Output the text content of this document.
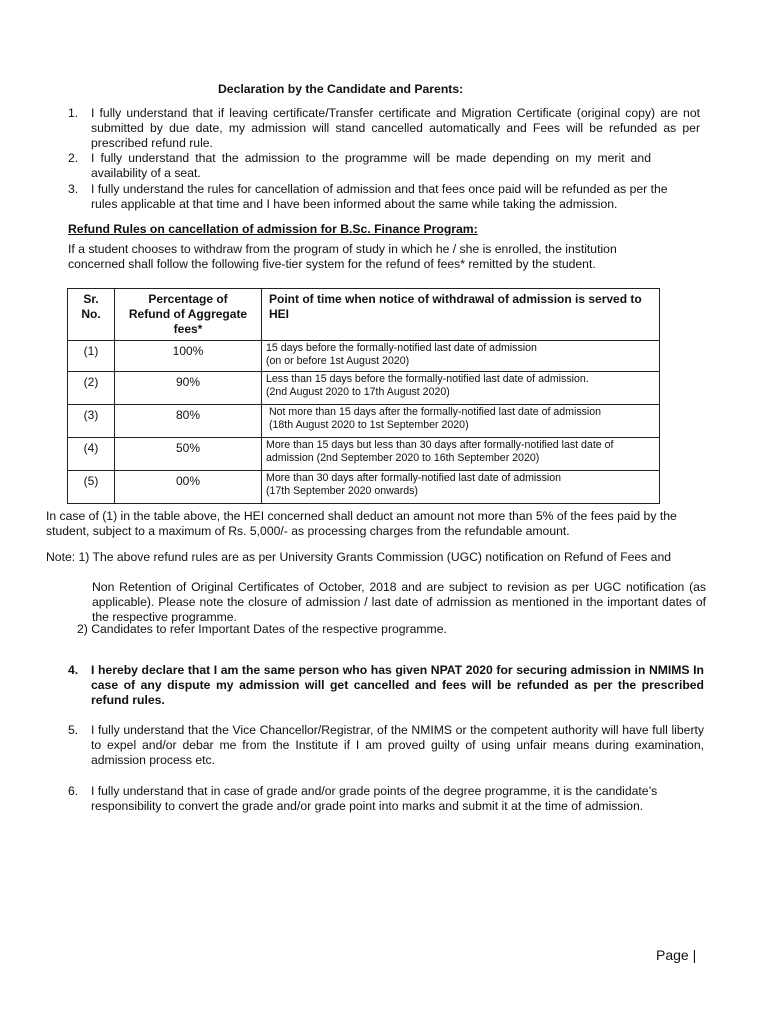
Declaration by the Candidate and Parents:
1. I fully understand that if leaving certificate/Transfer certificate and Migration Certificate (original copy) are not submitted by due date, my admission will stand cancelled automatically and Fees will be refunded as per prescribed refund rule.
2. I fully understand that the admission to the programme will be made depending on my merit and availability of a seat.
3. I fully understand the rules for cancellation of admission and that fees once paid will be refunded as per the rules applicable at that time and I have been informed about the same while taking the admission.
Refund Rules on cancellation of admission for B.Sc. Finance Program:
If a student chooses to withdraw from the program of study in which he / she is enrolled, the institution concerned shall follow the following five-tier system for the refund of fees* remitted by the student.
Sr. No.	Percentage of Refund of Aggregate fees*	Point of time when notice of withdrawal of admission is served to HEI
(1)	100%	15 days before the formally-notified last date of admission
(on or before 1st August 2020)

(2)	90%	Less than 15 days before the formally-notified last date of admission.
(2nd August 2020 to 17th August 2020)

(3)	80%	Not more than 15 days after the formally-notified last date of admission
(18th August 2020 to 1st September 2020)

(4)	50%	More than 15 days but less than 30 days after formally-notified last date of
admission (2nd September 2020 to 16th September 2020)

(5)	00%	More than 30 days after formally-notified last date of admission
(17th September 2020 onwards)
In case of (1) in the table above, the HEI concerned shall deduct an amount not more than 5% of the fees paid by the student, subject to a maximum of Rs. 5,000/- as processing charges from the refundable amount.
Note: 1) The above refund rules are as per University Grants Commission (UGC) notification on Refund of Fees and
Non Retention of Original Certificates of October, 2018 and are subject to revision as per UGC notification (as applicable). Please note the closure of admission / last date of admission as mentioned in the important dates of the respective programme.
2) Candidates to refer Important Dates of the respective programme.
4. I hereby declare that I am the same person who has given NPAT 2020 for securing admission in NMIMS In case of any dispute my admission will get cancelled and fees will be refunded as per the prescribed refund rules.
5. I fully understand that the Vice Chancellor/Registrar, of the NMIMS or the competent authority will have full liberty to expel and/or debar me from the Institute if I am proved guilty of using unfair means during examination, admission process etc.
6. I fully understand that in case of grade and/or grade points of the degree programme, it is the candidate’s responsibility to convert the grade and/or grade point into marks and submit it at the time of admission.
Page |
